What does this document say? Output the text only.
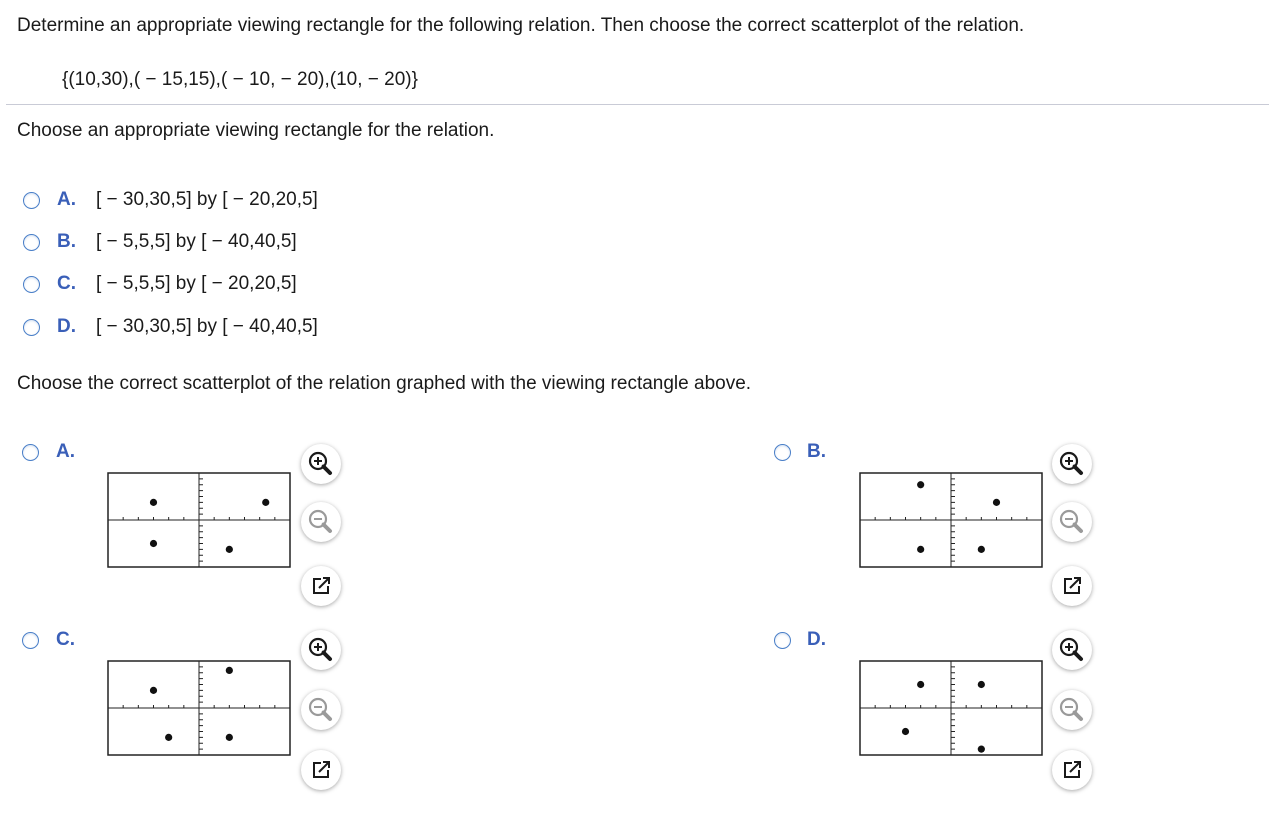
Determine an appropriate viewing rectangle for the following relation. Then choose the correct scatterplot of the relation.
{(10,30),( − 15,15),( − 10, − 20),(10, − 20)}
Choose an appropriate viewing rectangle for the relation.
A. [ − 30,30,5] by [ − 20,20,5]
B. [ − 5,5,5] by [ − 40,40,5]
C. [ − 5,5,5] by [ − 20,20,5]
D. [ − 30,30,5] by [ − 40,40,5]
Choose the correct scatterplot of the relation graphed with the viewing rectangle above.
A.	B.
C.	D.
